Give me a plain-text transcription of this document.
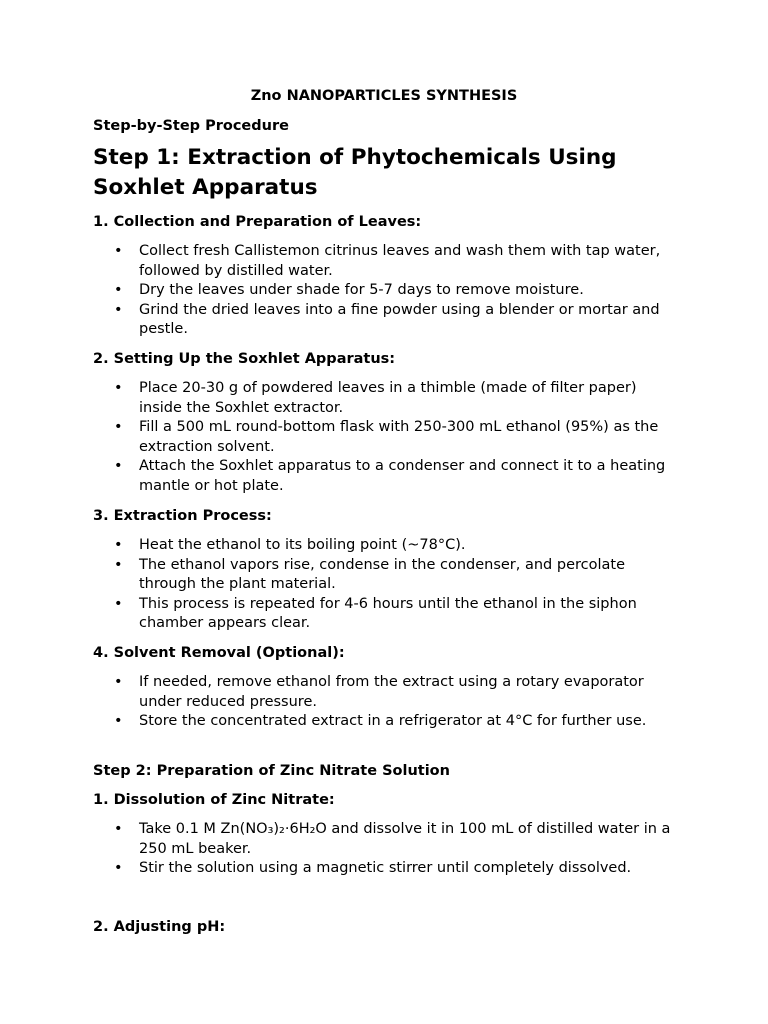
Zno NANOPARTICLES SYNTHESIS
Step-by-Step Procedure
Step 1: Extraction of Phytochemicals Using Soxhlet Apparatus
1. Collection and Preparation of Leaves:
• Collect fresh Callistemon citrinus leaves and wash them with tap water, followed by distilled water.
• Dry the leaves under shade for 5-7 days to remove moisture.
• Grind the dried leaves into a fine powder using a blender or mortar and pestle.
2. Setting Up the Soxhlet Apparatus:
• Place 20-30 g of powdered leaves in a thimble (made of filter paper) inside the Soxhlet extractor.
• Fill a 500 mL round-bottom flask with 250-300 mL ethanol (95%) as the extraction solvent.
• Attach the Soxhlet apparatus to a condenser and connect it to a heating mantle or hot plate.
3. Extraction Process:
• Heat the ethanol to its boiling point (~78°C).
• The ethanol vapors rise, condense in the condenser, and percolate through the plant material.
• This process is repeated for 4-6 hours until the ethanol in the siphon chamber appears clear.
4. Solvent Removal (Optional):
• If needed, remove ethanol from the extract using a rotary evaporator under reduced pressure.
• Store the concentrated extract in a refrigerator at 4°C for further use.
Step 2: Preparation of Zinc Nitrate Solution
1. Dissolution of Zinc Nitrate:
• Take 0.1 M Zn(NO₃)₂·6H₂O and dissolve it in 100 mL of distilled water in a 250 mL beaker.
• Stir the solution using a magnetic stirrer until completely dissolved.
2. Adjusting pH:
